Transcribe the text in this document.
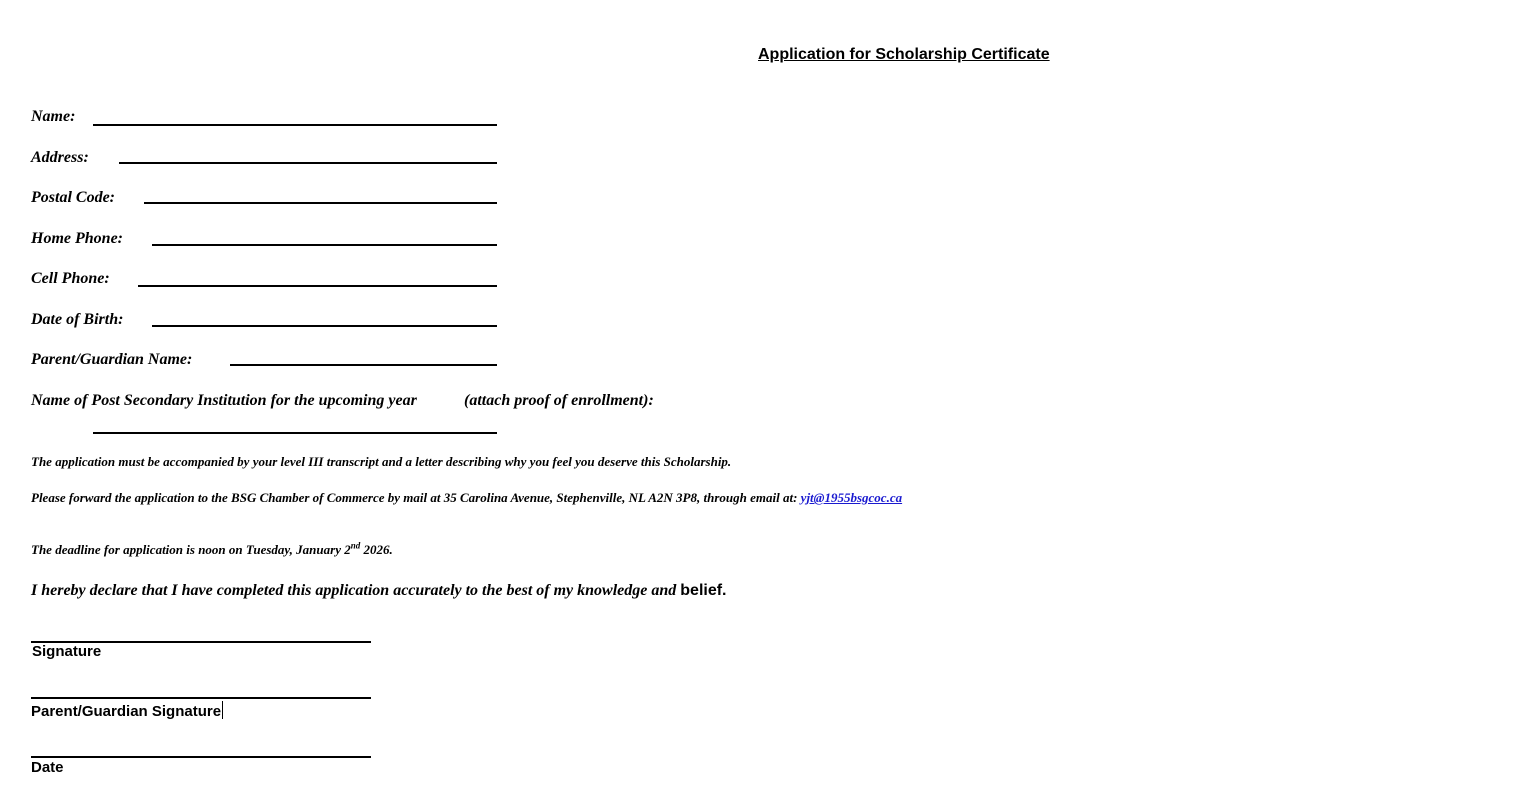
Application for Scholarship Certificate
Name:
Address:
Postal Code:
Home Phone:
Cell Phone:
Date of Birth:
Parent/Guardian Name:
Name of Post Secondary Institution for the upcoming year	(attach proof of enrollment):
The application must be accompanied by your level III transcript and a letter describing why you feel you deserve this Scholarship.
Please forward the application to the BSG Chamber of Commerce by mail at 35 Carolina Avenue, Stephenville, NL A2N 3P8, through email at: yjt@1955bsgcoc.ca
The deadline for application is noon on Tuesday, January 2nd 2026.
I hereby declare that I have completed this application accurately to the best of my knowledge and belief.
Signature
Parent/Guardian Signature
Date
